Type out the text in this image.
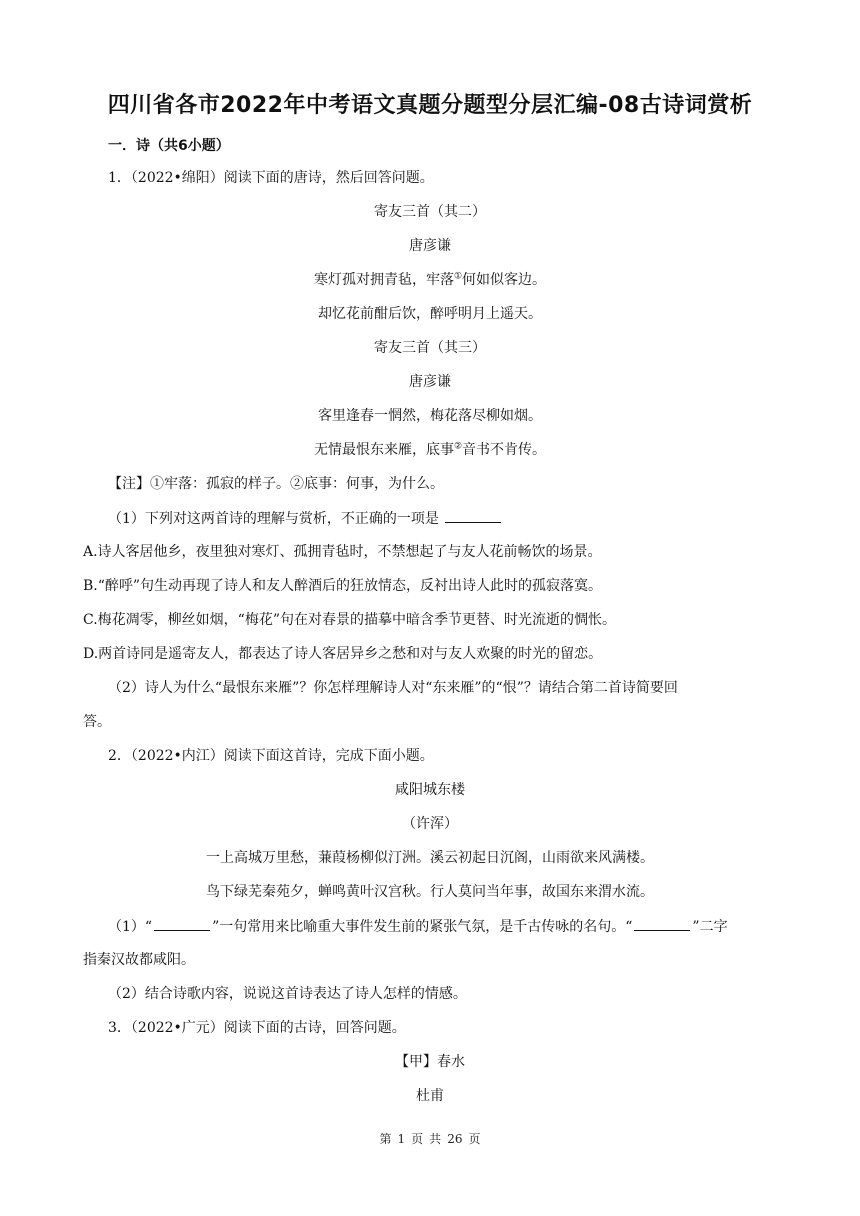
四川省各市2022年中考语文真题分题型分层汇编-08古诗词赏析
一．诗（共6小题）
1．（2022•绵阳）阅读下面的唐诗，然后回答问题。
寄友三首（其二）
唐彦谦
寒灯孤对拥青毡，牢落①何如似客边。
却忆花前酣后饮，醉呼明月上遥天。
寄友三首（其三）
唐彦谦
客里逢春一惘然，梅花落尽柳如烟。
无情最恨东来雁，底事②音书不肯传。
【注】①牢落：孤寂的样子。②底事：何事，为什么。
（1）下列对这两首诗的理解与赏析，不正确的一项是
A.诗人客居他乡，夜里独对寒灯、孤拥青毡时，不禁想起了与友人花前畅饮的场景。
B.“醉呼”句生动再现了诗人和友人醉酒后的狂放情态，反衬出诗人此时的孤寂落寞。
C.梅花凋零，柳丝如烟，“梅花”句在对春景的描摹中暗含季节更替、时光流逝的惆怅。
D.两首诗同是遥寄友人，都表达了诗人客居异乡之愁和对与友人欢聚的时光的留恋。
（2）诗人为什么“最恨东来雁”？你怎样理解诗人对“东来雁”的“恨”？请结合第二首诗简要回
答。
2．（2022•内江）阅读下面这首诗，完成下面小题。
咸阳城东楼
（许浑）
一上高城万里愁，蒹葭杨柳似汀洲。溪云初起日沉阁，山雨欲来风满楼。
鸟下绿芜秦苑夕，蝉鸣黄叶汉宫秋。行人莫问当年事，故国东来渭水流。
（1）“	”一句常用来比喻重大事件发生前的紧张气氛，是千古传咏的名句。“	”二字
指秦汉故都咸阳。
（2）结合诗歌内容，说说这首诗表达了诗人怎样的情感。
3．（2022•广元）阅读下面的古诗，回答问题。
【甲】春水
杜甫
第 1 页 共 26 页
